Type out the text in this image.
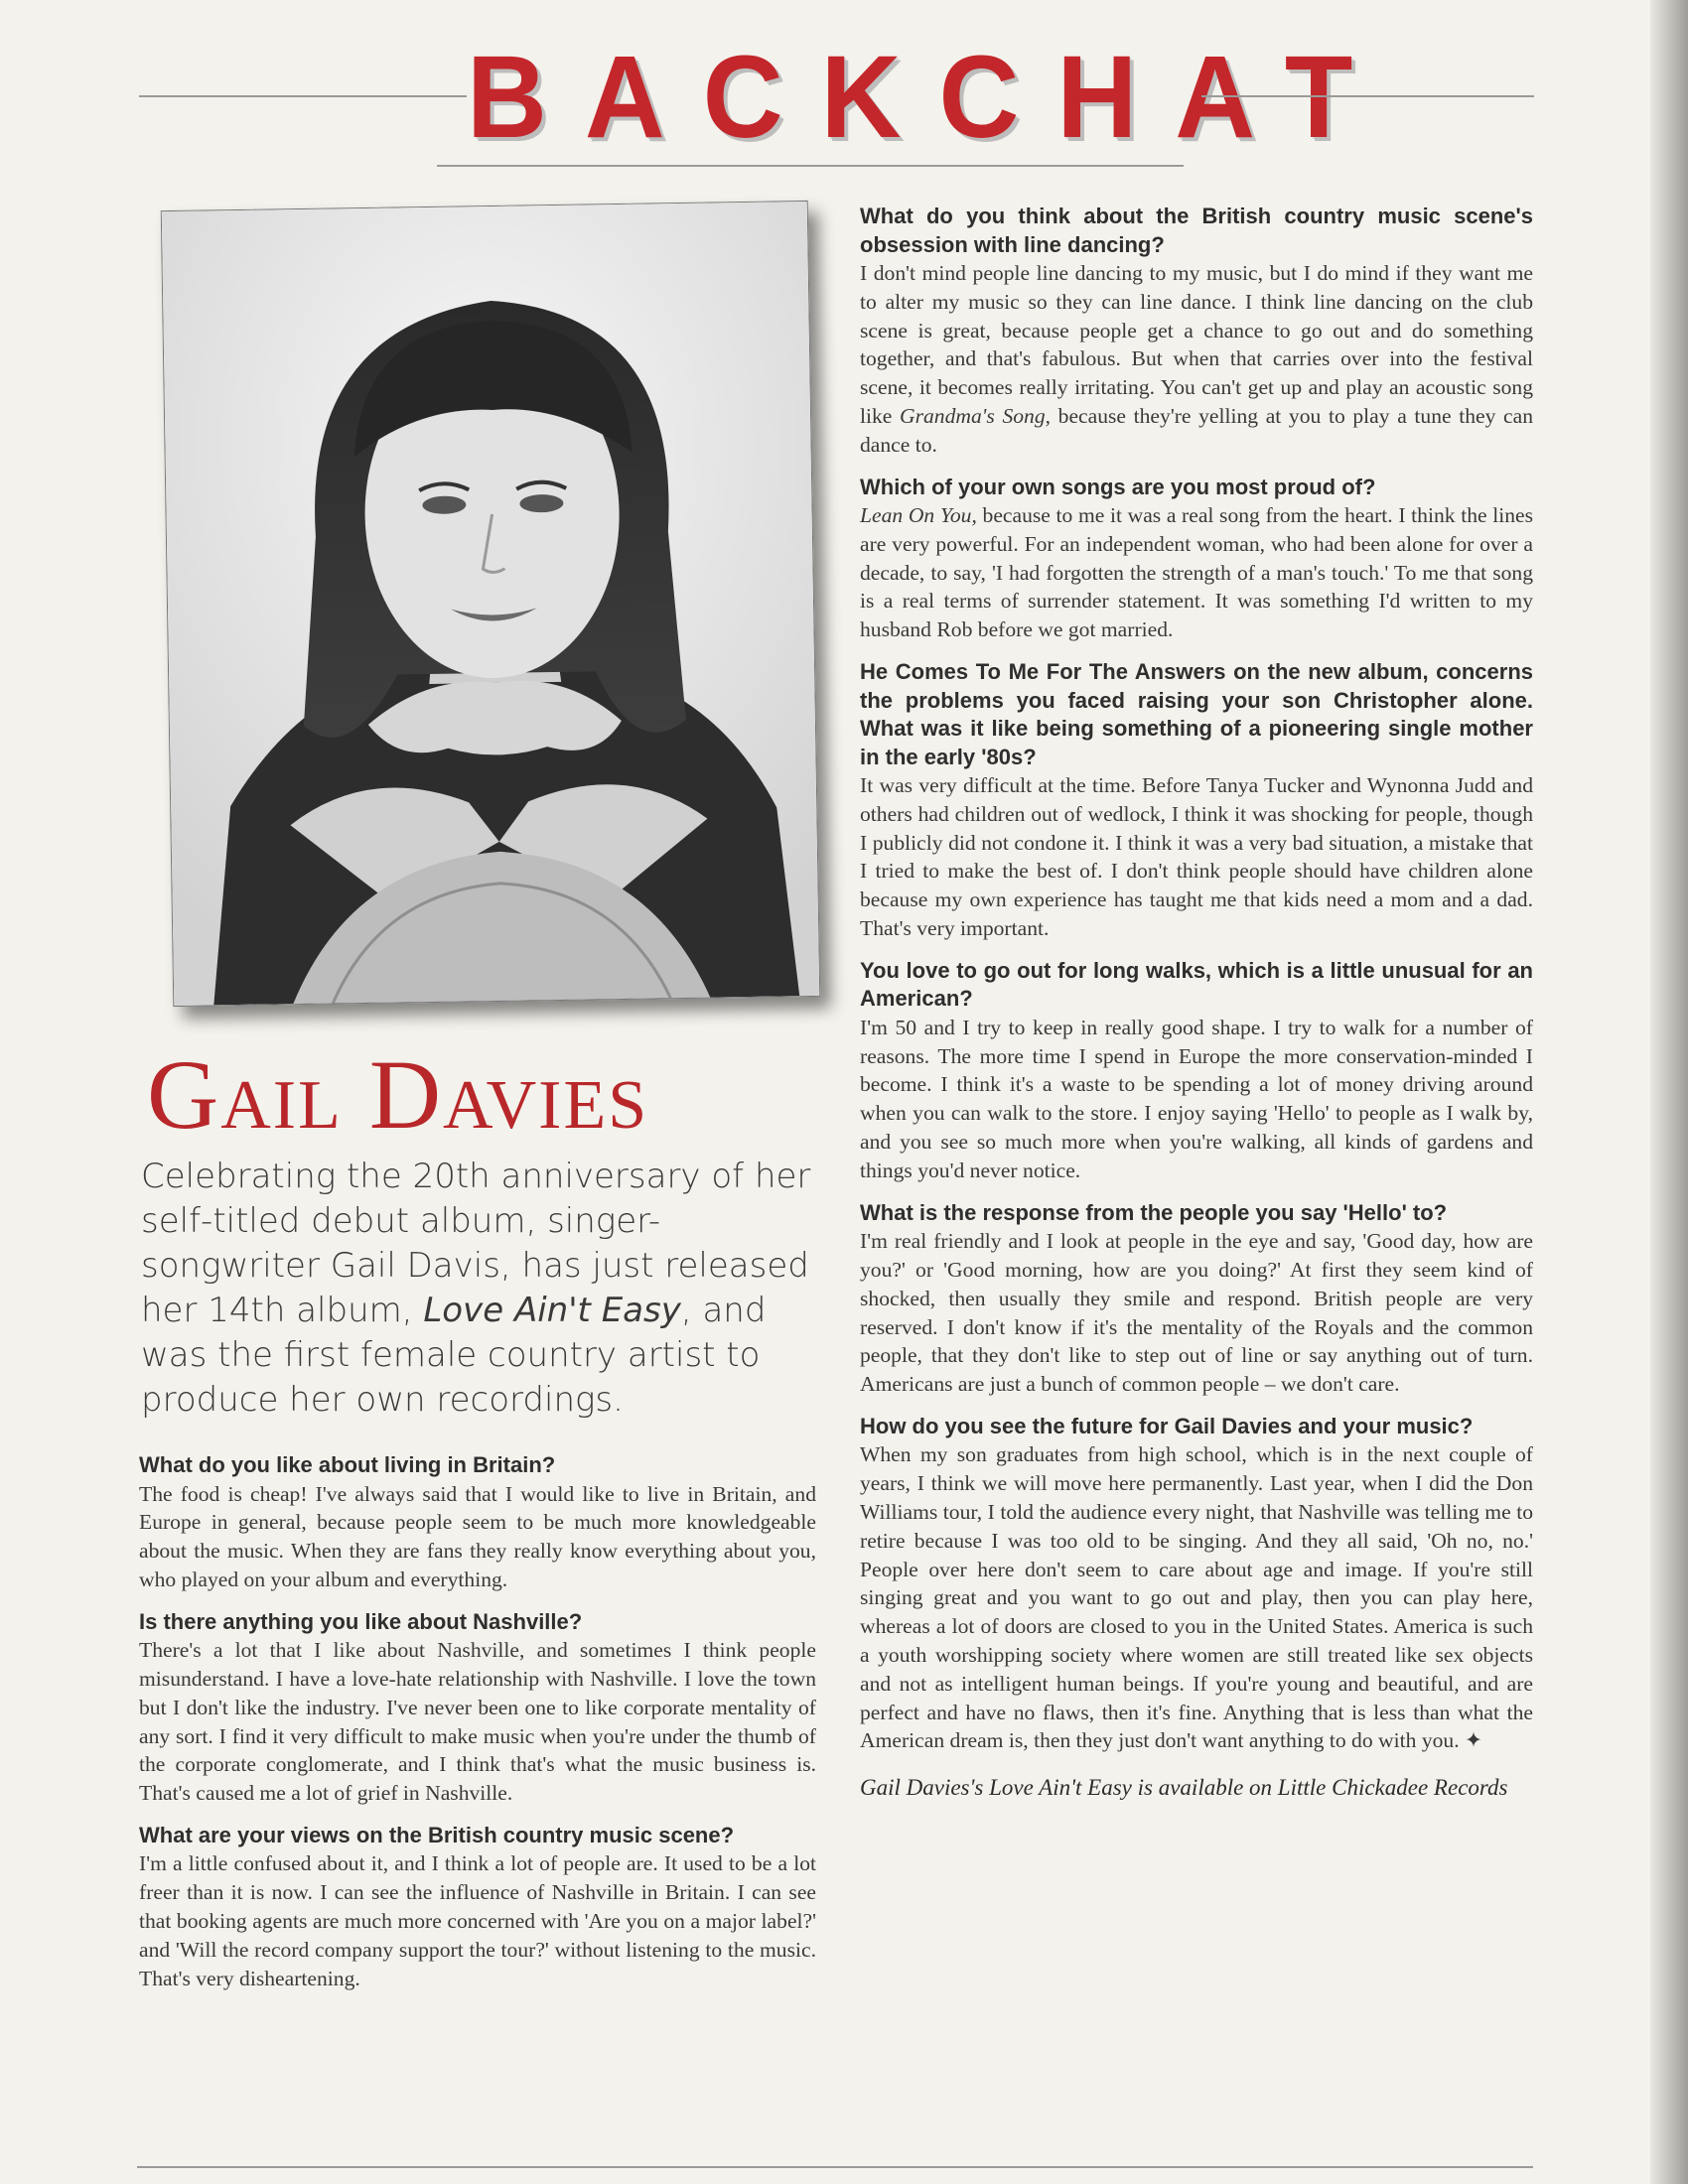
BACKCHAT
Gail Davies
Celebrating the 20th anniversary of her self-titled debut album, singer-songwriter Gail Davis, has just released her 14th album, Love Ain't Easy, and was the first female country artist to produce her own recordings.

What do you like about living in Britain?

The food is cheap! I've always said that I would like to live in Britain, and Europe in general, because people seem to be much more knowledgeable about the music. When they are fans they really know everything about you, who played on your album and everything.

Is there anything you like about Nashville?

There's a lot that I like about Nashville, and sometimes I think people misunderstand. I have a love-hate relationship with Nashville. I love the town but I don't like the industry. I've never been one to like corporate mentality of any sort. I find it very difficult to make music when you're under the thumb of the corporate conglomerate, and I think that's what the music business is. That's caused me a lot of grief in Nashville.

What are your views on the British country music scene?

I'm a little confused about it, and I think a lot of people are. It used to be a lot freer than it is now. I can see the influence of Nashville in Britain. I can see that booking agents are much more concerned with 'Are you on a major label?' and 'Will the record company support the tour?' without listening to the music. That's very disheartening.

What do you think about the British country music scene's obsession with line dancing?

I don't mind people line dancing to my music, but I do mind if they want me to alter my music so they can line dance. I think line dancing on the club scene is great, because people get a chance to go out and do something together, and that's fabulous. But when that carries over into the festival scene, it becomes really irritating. You can't get up and play an acoustic song like Grandma's Song, because they're yelling at you to play a tune they can dance to.

Which of your own songs are you most proud of?

Lean On You, because to me it was a real song from the heart. I think the lines are very powerful. For an independent woman, who had been alone for over a decade, to say, 'I had forgotten the strength of a man's touch.' To me that song is a real terms of surrender statement. It was something I'd written to my husband Rob before we got married.

He Comes To Me For The Answers on the new album, concerns the problems you faced raising your son Christopher alone. What was it like being something of a pioneering single mother in the early '80s?

It was very difficult at the time. Before Tanya Tucker and Wynonna Judd and others had children out of wedlock, I think it was shocking for people, though I publicly did not condone it. I think it was a very bad situation, a mistake that I tried to make the best of. I don't think people should have children alone because my own experience has taught me that kids need a mom and a dad. That's very important.

You love to go out for long walks, which is a little unusual for an American?

I'm 50 and I try to keep in really good shape. I try to walk for a number of reasons. The more time I spend in Europe the more conservation-minded I become. I think it's a waste to be spending a lot of money driving around when you can walk to the store. I enjoy saying 'Hello' to people as I walk by, and you see so much more when you're walking, all kinds of gardens and things you'd never notice.

What is the response from the people you say 'Hello' to?

I'm real friendly and I look at people in the eye and say, 'Good day, how are you?' or 'Good morning, how are you doing?' At first they seem kind of shocked, then usually they smile and respond. British people are very reserved. I don't know if it's the mentality of the Royals and the common people, that they don't like to step out of line or say anything out of turn. Americans are just a bunch of common people – we don't care.

How do you see the future for Gail Davies and your music?

When my son graduates from high school, which is in the next couple of years, I think we will move here permanently. Last year, when I did the Don Williams tour, I told the audience every night, that Nashville was telling me to retire because I was too old to be singing. And they all said, 'Oh no, no.' People over here don't seem to care about age and image. If you're still singing great and you want to go out and play, then you can play here, whereas a lot of doors are closed to you in the United States. America is such a youth worshipping society where women are still treated like sex objects and not as intelligent human beings. If you're young and beautiful, and are perfect and have no flaws, then it's fine. Anything that is less than what the American dream is, then they just don't want anything to do with you. ✦

Gail Davies's Love Ain't Easy is available on Little Chickadee Records
